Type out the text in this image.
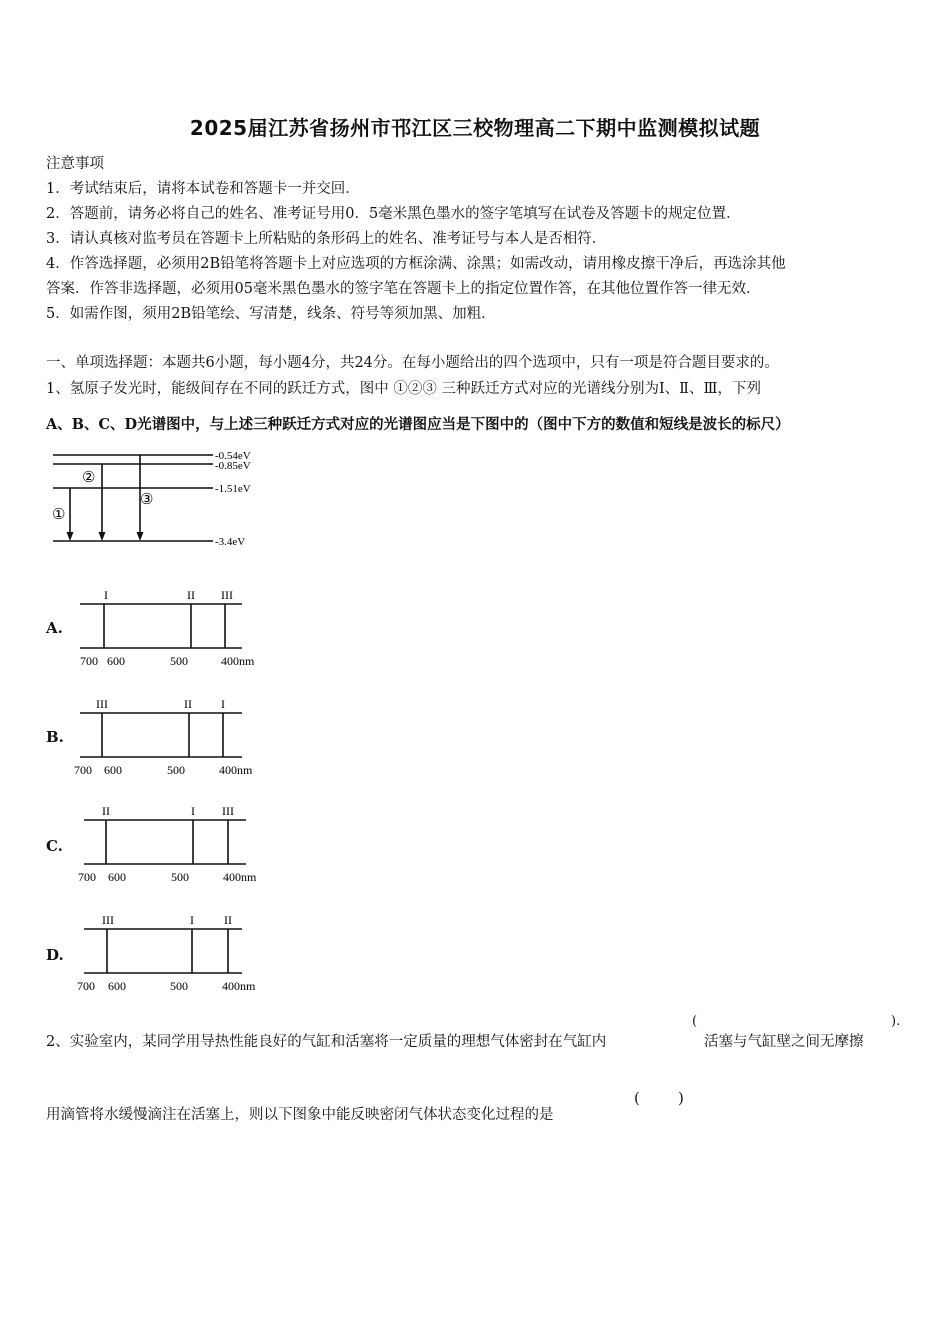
2025届江苏省扬州市邗江区三校物理高二下期中监测模拟试题
注意事项
1．考试结束后，请将本试卷和答题卡一并交回．
2．答题前，请务必将自己的姓名、准考证号用0．5毫米黑色墨水的签字笔填写在试卷及答题卡的规定位置．
3．请认真核对监考员在答题卡上所粘贴的条形码上的姓名、准考证号与本人是否相符．
4．作答选择题，必须用2B铅笔将答题卡上对应选项的方框涂满、涂黑；如需改动，请用橡皮擦干净后，再选涂其他
答案．作答非选择题，必须用05毫米黑色墨水的签字笔在答题卡上的指定位置作答，在其他位置作答一律无效．
5．如需作图，须用2B铅笔绘、写清楚，线条、符号等须加黑、加粗．
一、单项选择题：本题共6小题，每小题4分，共24分。在每小题给出的四个选项中，只有一项是符合题目要求的。
1、氢原子发光时，能级间存在不同的跃迁方式，图中 ①②③ 三种跃迁方式对应的光谱线分别为Ⅰ、Ⅱ、Ⅲ，下列
A、B、C、D光谱图中，与上述三种跃迁方式对应的光谱图应当是下图中的（图中下方的数值和短线是波长的标尺）
-0.54eV
-0.85eV
-1.51eV
-3.4eV
①
②
③
A.
I	II III
700 600	500	400nm
B.
III	II I
700 600	500	400nm
C.
II	I III
700 600	500	400nm
D.
III	I	II
700 600	500	400nm
2、实验室内，某同学用导热性能良好的气缸和活塞将一定质量的理想气体密封在气缸内
(
活塞与气缸壁之间无摩擦
).
用滴管将水缓慢滴注在活塞上，则以下图象中能反映密闭气体状态变化过程的是
(        )
